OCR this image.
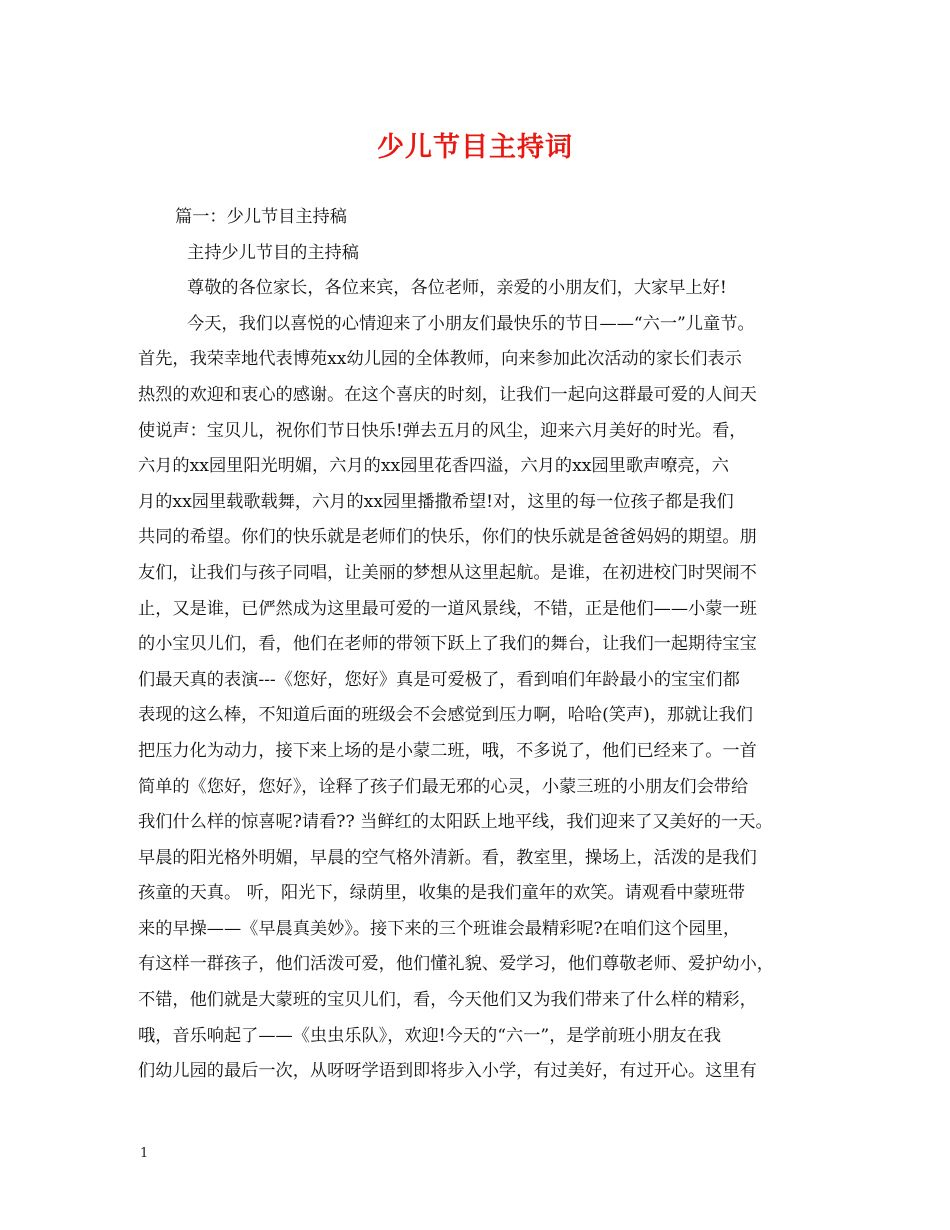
少儿节目主持词
篇一：少儿节目主持稿
主持少儿节目的主持稿
尊敬的各位家长，各位来宾，各位老师，亲爱的小朋友们，大家早上好!
今天，我们以喜悦的心情迎来了小朋友们最快乐的节日——“六一”儿童节。
首先，我荣幸地代表博苑xx幼儿园的全体教师，向来参加此次活动的家长们表示
热烈的欢迎和衷心的感谢。在这个喜庆的时刻，让我们一起向这群最可爱的人间天
使说声：宝贝儿，祝你们节日快乐!弹去五月的风尘，迎来六月美好的时光。看，
六月的xx园里阳光明媚，六月的xx园里花香四溢，六月的xx园里歌声嘹亮，六
月的xx园里载歌载舞，六月的xx园里播撒希望!对，这里的每一位孩子都是我们
共同的希望。你们的快乐就是老师们的快乐，你们的快乐就是爸爸妈妈的期望。朋
友们，让我们与孩子同唱，让美丽的梦想从这里起航。是谁，在初进校门时哭闹不
止，又是谁，已俨然成为这里最可爱的一道风景线，不错，正是他们——小蒙一班
的小宝贝儿们，看，他们在老师的带领下跃上了我们的舞台，让我们一起期待宝宝
们最天真的表演---《您好，您好》真是可爱极了，看到咱们年龄最小的宝宝们都
表现的这么棒，不知道后面的班级会不会感觉到压力啊，哈哈(笑声)，那就让我们
把压力化为动力，接下来上场的是小蒙二班，哦，不多说了，他们已经来了。一首
简单的《您好，您好》，诠释了孩子们最无邪的心灵，小蒙三班的小朋友们会带给
我们什么样的惊喜呢?请看?? 当鲜红的太阳跃上地平线，我们迎来了又美好的一天。
早晨的阳光格外明媚，早晨的空气格外清新。看，教室里，操场上，活泼的是我们
孩童的天真。 听，阳光下，绿荫里，收集的是我们童年的欢笑。请观看中蒙班带
来的早操——《早晨真美妙》。接下来的三个班谁会最精彩呢?在咱们这个园里，
有这样一群孩子，他们活泼可爱，他们懂礼貌、爱学习，他们尊敬老师、爱护幼小，
不错，他们就是大蒙班的宝贝儿们，看，今天他们又为我们带来了什么样的精彩，
哦，音乐响起了——《虫虫乐队》，欢迎!今天的“六一”，是学前班小朋友在我
们幼儿园的最后一次，从呀呀学语到即将步入小学，有过美好，有过开心。这里有
1
